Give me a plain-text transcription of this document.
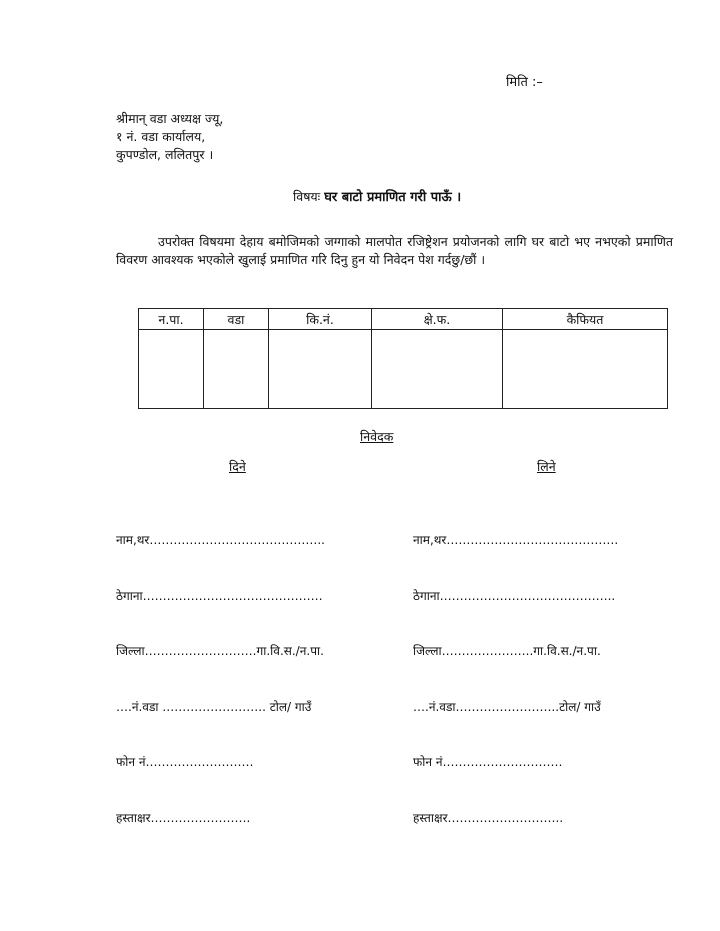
मिति :–
श्रीमान् वडा अध्यक्ष ज्यू,
१ नं. वडा कार्यालय,
कुपण्डोल, ललितपुर ।
विषयः घर बाटो प्रमाणित गरी पाऊँ ।
उपरोक्त विषयमा देहाय बमोजिमको जग्गाको मालपोत रजिष्ट्रेशन प्रयोजनको लागि घर बाटो भए नभएको प्रमाणित विवरण आवश्यक भएकोले खुलाई प्रमाणित गरि दिनु हुन यो निवेदन पेश गर्दछु/छौं ।
न.पा.	वडा	कि.नं.	क्षे.फ.	कैफियत

निवेदक
दिने	लिने

नाम,थर……………………………………..

ठेगाना………………………………………

जिल्ला……………………….गा.वि.स./न.पा.

….नं.वडा …………………….. टोल/ गाउँ

फोन नं………………………

हस्ताक्षर…………………….

नाम,थर…………………………………….

ठेगाना……………………………………..

जिल्ला…………………..गा.वि.स./न.पा.

….नं.वडा……………………..टोल/ गाउँ

फोन नं…………………………

हस्ताक्षर………………………..
